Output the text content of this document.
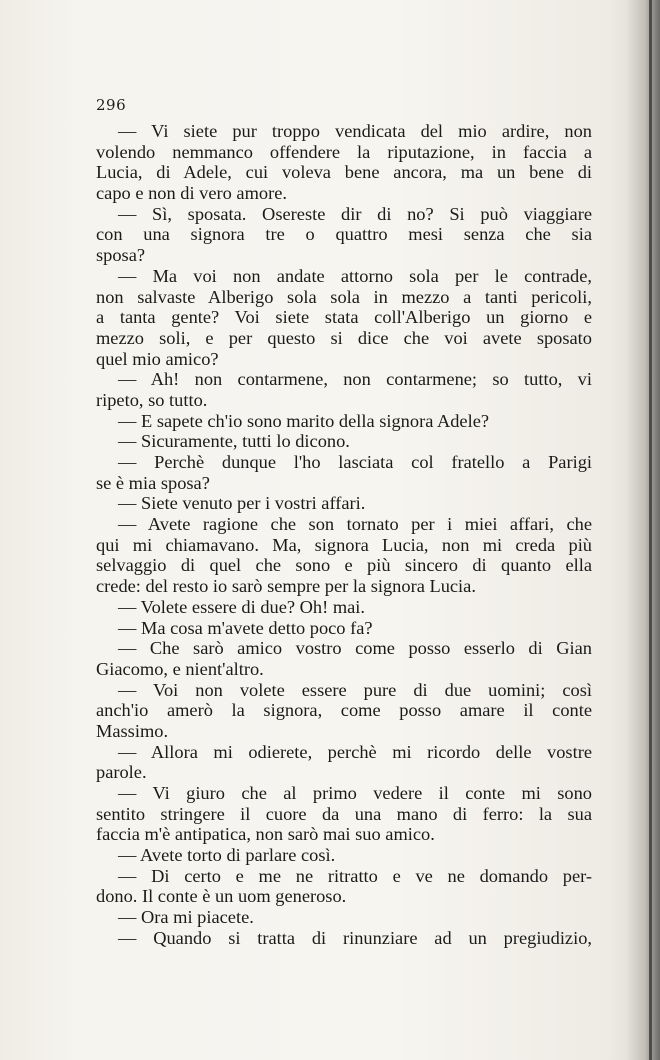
296
— Vi siete pur troppo vendicata del mio ardire, non
volendo nemmanco offendere la riputazione, in faccia a
Lucia, di Adele, cui voleva bene ancora, ma un bene di
capo e non di vero amore.
— Sì, sposata. Osereste dir di no? Si può viaggiare
con una signora tre o quattro mesi senza che sia
sposa?
— Ma voi non andate attorno sola per le contrade,
non salvaste Alberigo sola sola in mezzo a tanti pericoli,
a tanta gente? Voi siete stata coll'Alberigo un giorno e
mezzo soli, e per questo si dice che voi avete sposato
quel mio amico?
— Ah! non contarmene, non contarmene; so tutto, vi
ripeto, so tutto.
— E sapete ch'io sono marito della signora Adele?
— Sicuramente, tutti lo dicono.
— Perchè dunque l'ho lasciata col fratello a Parigi
se è mia sposa?
— Siete venuto per i vostri affari.
— Avete ragione che son tornato per i miei affari, che
qui mi chiamavano. Ma, signora Lucia, non mi creda più
selvaggio di quel che sono e più sincero di quanto ella
crede: del resto io sarò sempre per la signora Lucia.
— Volete essere di due? Oh! mai.
— Ma cosa m'avete detto poco fa?
— Che sarò amico vostro come posso esserlo di Gian
Giacomo, e nient'altro.
— Voi non volete essere pure di due uomini; così
anch'io amerò la signora, come posso amare il conte
Massimo.
— Allora mi odierete, perchè mi ricordo delle vostre
parole.
— Vi giuro che al primo vedere il conte mi sono
sentito stringere il cuore da una mano di ferro: la sua
faccia m'è antipatica, non sarò mai suo amico.
— Avete torto di parlare così.
— Di certo e me ne ritratto e ve ne domando per-
dono. Il conte è un uom generoso.
— Ora mi piacete.
— Quando si tratta di rinunziare ad un pregiudizio,
